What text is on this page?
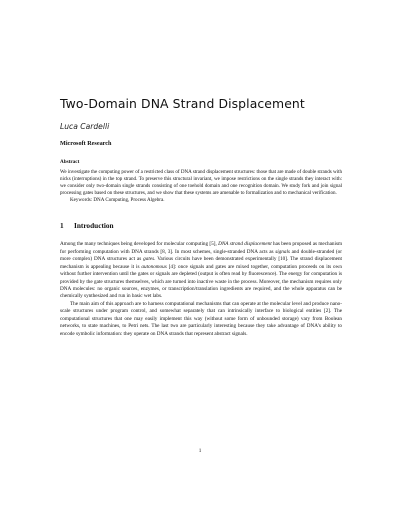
Two-Domain DNA Strand Displacement
Luca Cardelli
Microsoft Research
Abstract

We investigate the computing power of a restricted class of DNA strand displacement structures: those that are made of double strands with nicks (interruptions) in the top strand. To preserve this structural invariant, we impose restrictions on the single strands they interact with: we consider only two-domain single strands consisting of one toehold domain and one recognition domain. We study fork and join signal processing gates based on these structures, and we show that these systems are amenable to formalization and to mechanical verification.

Keywords: DNA Computing, Process Algebra.

1 Introduction

Among the many techniques being developed for molecular computing [5], DNA strand displacement has been proposed as mechanism for performing computation with DNA strands [8, 3]. In most schemes, single-stranded DNA acts as signals and double-stranded (or more complex) DNA structures act as gates. Various circuits have been demonstrated experimentally [10]. The strand displacement mechanism is appealing because it is autonomous [4]: once signals and gates are mixed together, computation proceeds on its own without further intervention until the gates or signals are depleted (output is often read by fluorescence). The energy for computation is provided by the gate structures themselves, which are turned into inactive waste in the process. Moreover, the mechanism requires only DNA molecules: no organic sources, enzymes, or transcription/translation ingredients are required, and the whole apparatus can be chemically synthesized and run in basic wet labs.

The main aim of this approach are to harness computational mechanisms that can operate at the molecular level and produce nano-scale structures under program control, and somewhat separately that can intrinsically interface to biological entities [2]. The computational structures that one may easily implement this way (without some form of unbounded storage) vary from Boolean networks, to state machines, to Petri nets. The last two are particularly interesting because they take advantage of DNA’s ability to encode symbolic information: they operate on DNA strands that represent abstract signals.

1
